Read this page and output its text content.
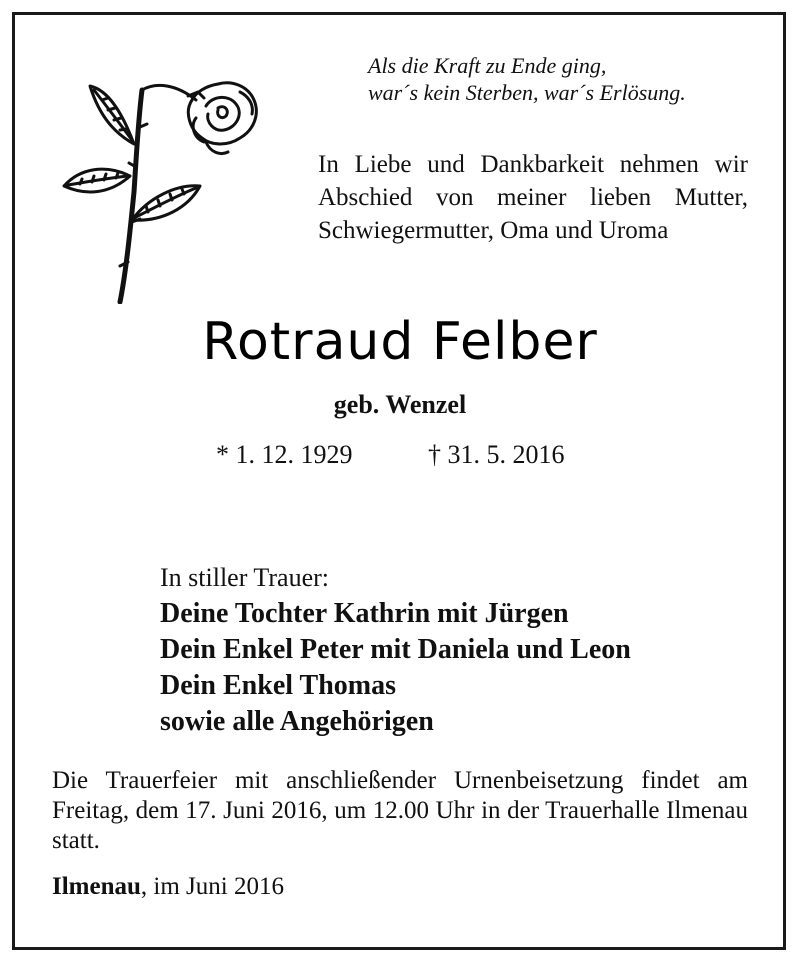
Als die Kraft zu Ende ging,
war´s kein Sterben, war´s Erlösung.
In Liebe und Dankbarkeit nehmen wir Abschied von meiner lieben Mutter, Schwiegermutter, Oma und Uroma
Rotraud Felber
geb. Wenzel
* 1. 12. 1929	† 31. 5. 2016
In stiller Trauer:
Deine Tochter Kathrin mit Jürgen
Dein Enkel Peter mit Daniela und Leon
Dein Enkel Thomas
sowie alle Angehörigen
Die Trauerfeier mit anschließender Urnenbeisetzung findet am Freitag, dem 17. Juni 2016, um 12.00 Uhr in der Trauerhalle Ilmenau statt.
Ilmenau, im Juni 2016
